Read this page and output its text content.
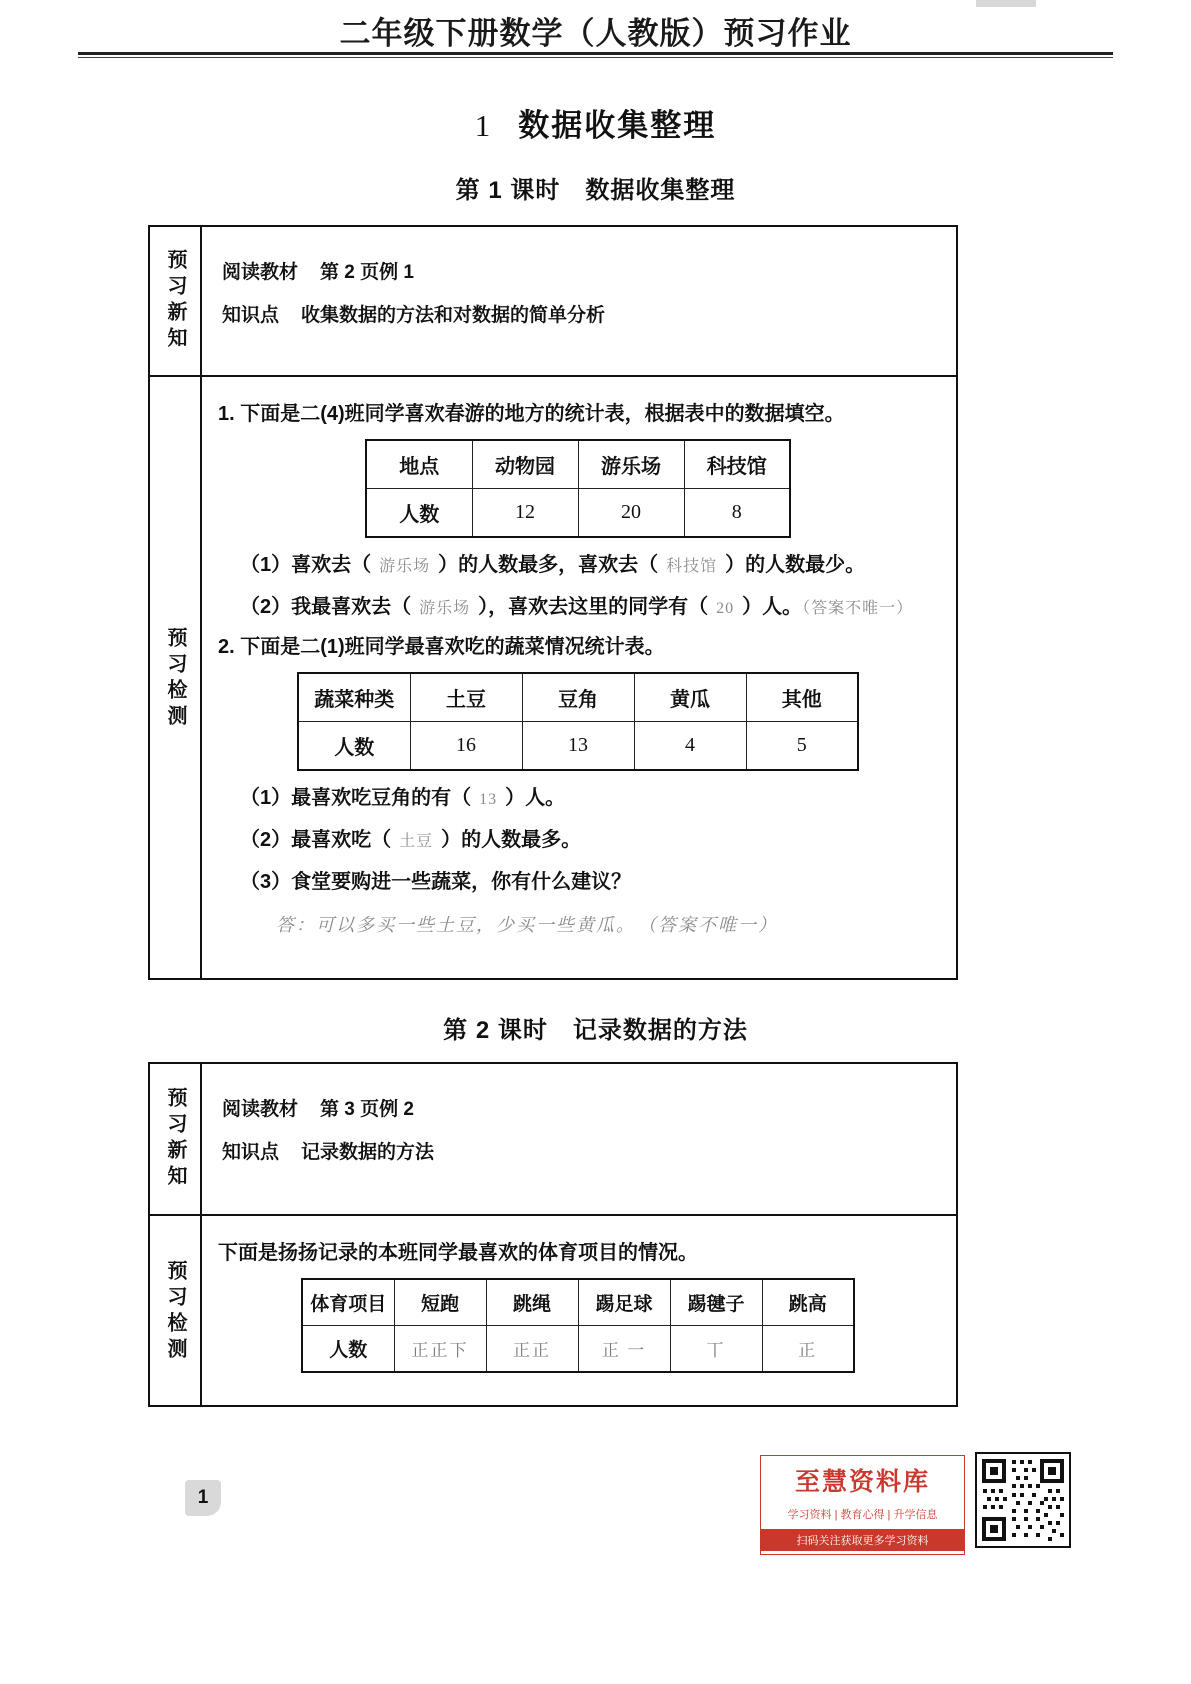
二年级下册数学（人教版）预习作业
1 数据收集整理
第 1 课时　数据收集整理
预习新知 阅读教材 第 2 页例 1
知识点 收集数据的方法和对数据的简单分析
预习检测
1. 下面是二(4)班同学喜欢春游的地方的统计表，根据表中的数据填空。
地点	动物园	游乐场	科技馆
人数	12	20	8
（1）喜欢去（ 游乐场 ）的人数最多，喜欢去（ 科技馆 ）的人数最少。
（2）我最喜欢去（ 游乐场 ），喜欢去这里的同学有（ 20 ）人。（答案不唯一）
2. 下面是二(1)班同学最喜欢吃的蔬菜情况统计表。
蔬菜种类	土豆	豆角	黄瓜	其他
人数	16	13	4	5
（1）最喜欢吃豆角的有（ 13 ）人。
（2）最喜欢吃（ 土豆 ）的人数最多。
（3）食堂要购进一些蔬菜，你有什么建议？
答：可以多买一些土豆，少买一些黄瓜。　（答案不唯一）
第 2 课时　记录数据的方法
预习新知 阅读教材 第 3 页例 2
知识点 记录数据的方法
预习检测
下面是扬扬记录的本班同学最喜欢的体育项目的情况。
体育项目	短跑	跳绳	踢足球	踢毽子	跳高
人数	正正下	正正	正 一	丅	正
1
至慧资料库
学习资料 | 教育心得 | 升学信息
扫码关注获取更多学习资料
